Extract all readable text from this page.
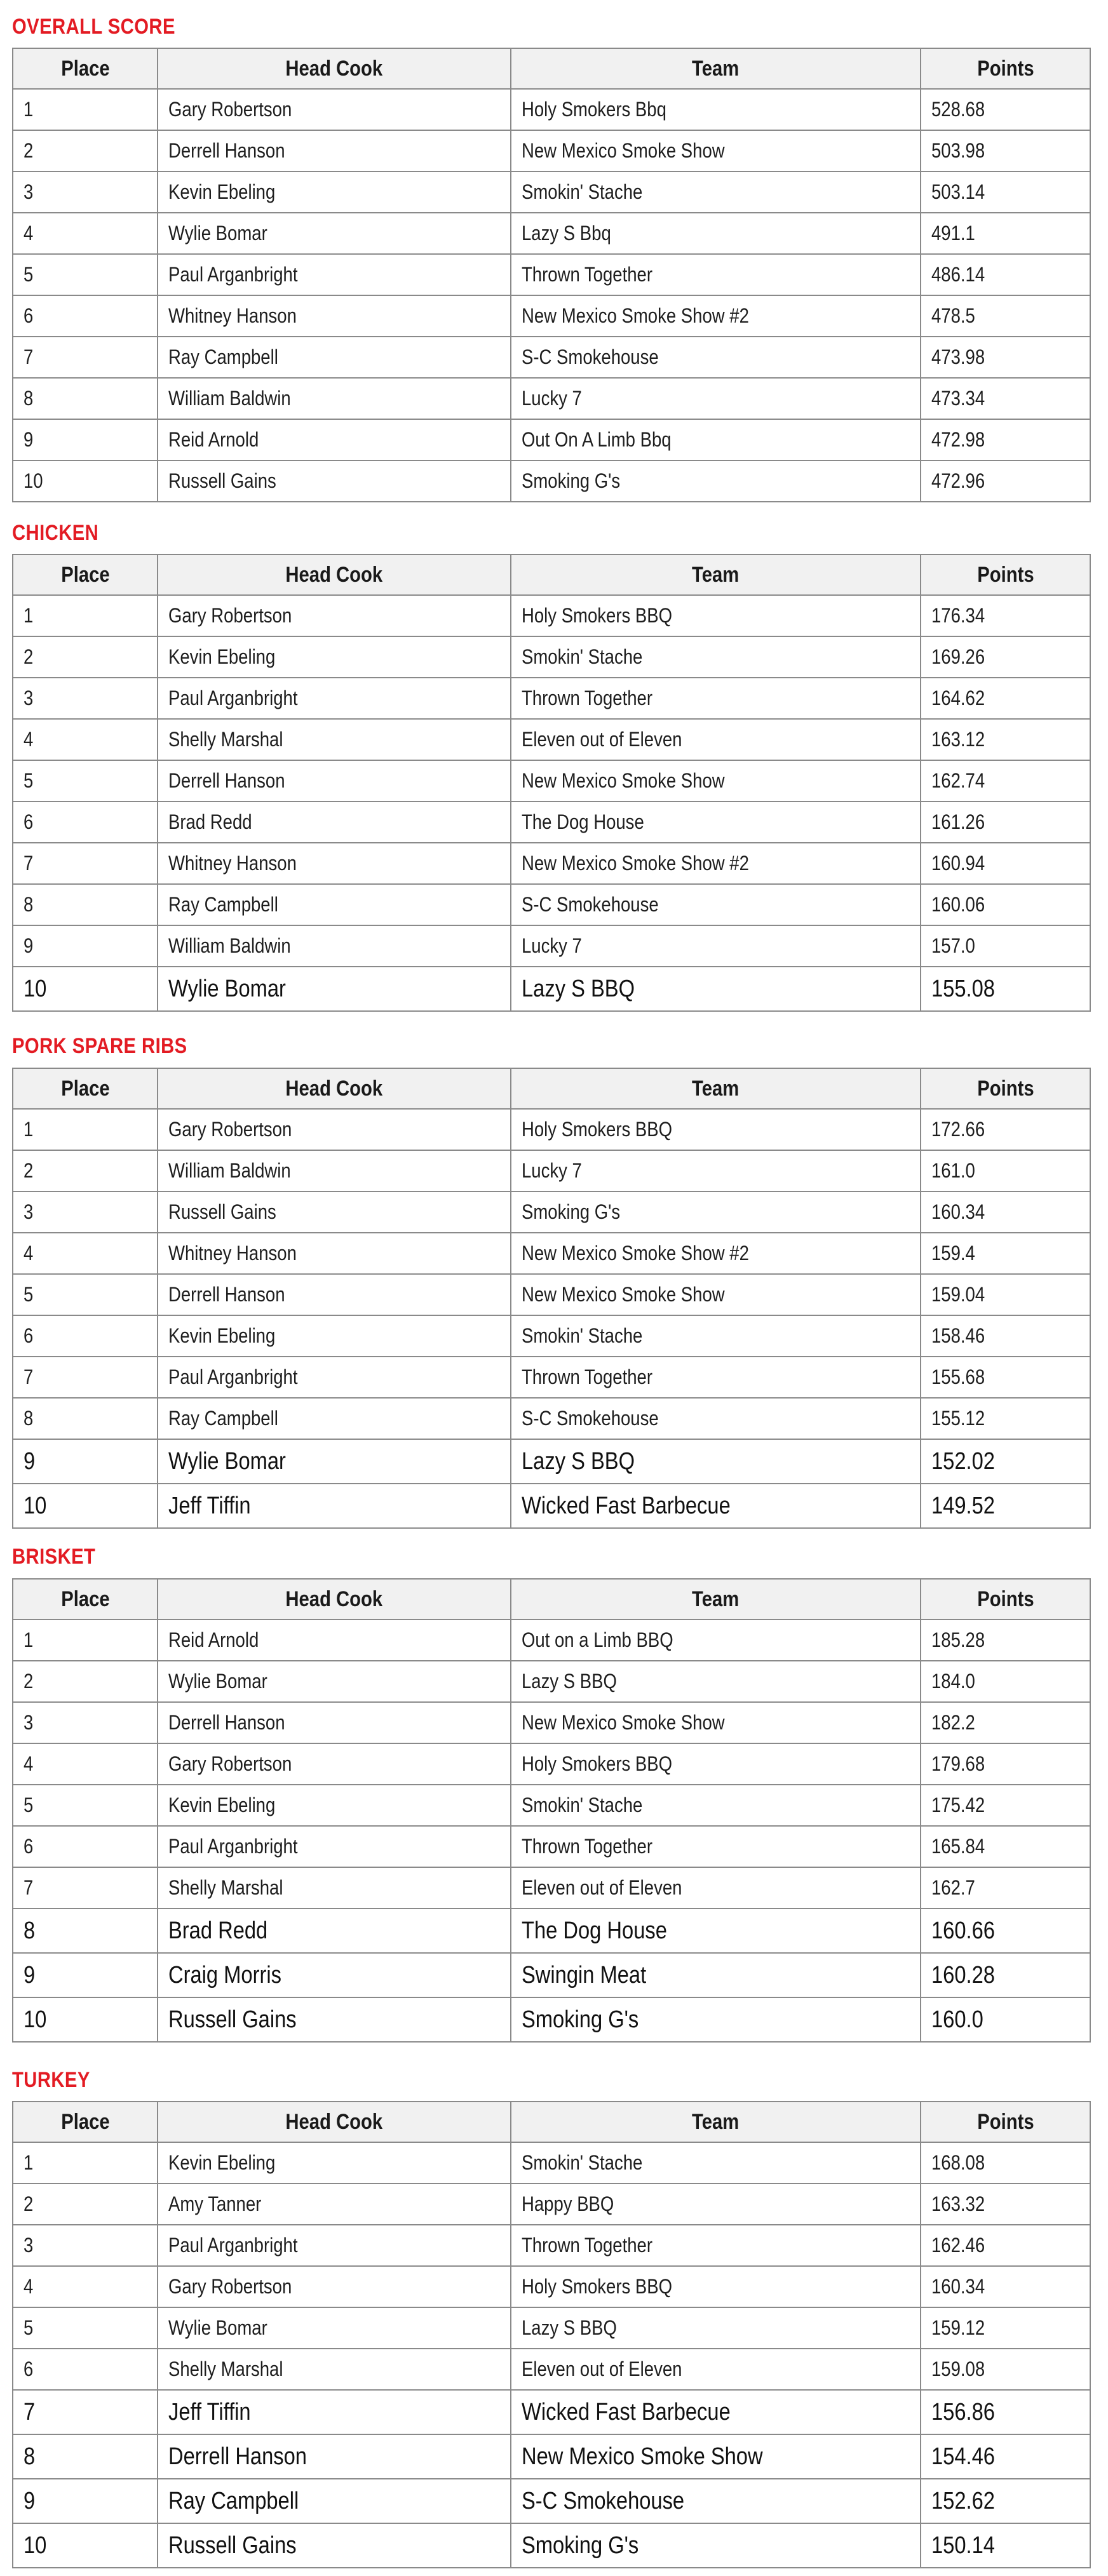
OVERALL SCORE
Place	Head Cook	Team	Points
1	Gary Robertson	Holy Smokers Bbq	528.68
2	Derrell Hanson	New Mexico Smoke Show	503.98
3	Kevin Ebeling	Smokin' Stache	503.14
4	Wylie Bomar	Lazy S Bbq	491.1
5	Paul Arganbright	Thrown Together	486.14
6	Whitney Hanson	New Mexico Smoke Show #2	478.5
7	Ray Campbell	S-C Smokehouse	473.98
8	William Baldwin	Lucky 7	473.34
9	Reid Arnold	Out On A Limb Bbq	472.98
10	Russell Gains	Smoking G's	472.96
CHICKEN
Place	Head Cook	Team	Points
1	Gary Robertson	Holy Smokers BBQ	176.34
2	Kevin Ebeling	Smokin' Stache	169.26
3	Paul Arganbright	Thrown Together	164.62
4	Shelly Marshal	Eleven out of Eleven	163.12
5	Derrell Hanson	New Mexico Smoke Show	162.74
6	Brad Redd	The Dog House	161.26
7	Whitney Hanson	New Mexico Smoke Show #2	160.94
8	Ray Campbell	S-C Smokehouse	160.06
9	William Baldwin	Lucky 7	157.0
10	Wylie Bomar	Lazy S BBQ	155.08
PORK SPARE RIBS
Place	Head Cook	Team	Points
1	Gary Robertson	Holy Smokers BBQ	172.66
2	William Baldwin	Lucky 7	161.0
3	Russell Gains	Smoking G's	160.34
4	Whitney Hanson	New Mexico Smoke Show #2	159.4
5	Derrell Hanson	New Mexico Smoke Show	159.04
6	Kevin Ebeling	Smokin' Stache	158.46
7	Paul Arganbright	Thrown Together	155.68
8	Ray Campbell	S-C Smokehouse	155.12
9	Wylie Bomar	Lazy S BBQ	152.02
10	Jeff Tiffin	Wicked Fast Barbecue	149.52
BRISKET
Place	Head Cook	Team	Points
1	Reid Arnold	Out on a Limb BBQ	185.28
2	Wylie Bomar	Lazy S BBQ	184.0
3	Derrell Hanson	New Mexico Smoke Show	182.2
4	Gary Robertson	Holy Smokers BBQ	179.68
5	Kevin Ebeling	Smokin' Stache	175.42
6	Paul Arganbright	Thrown Together	165.84
7	Shelly Marshal	Eleven out of Eleven	162.7
8	Brad Redd	The Dog House	160.66
9	Craig Morris	Swingin Meat	160.28
10	Russell Gains	Smoking G's	160.0
TURKEY
Place	Head Cook	Team	Points
1	Kevin Ebeling	Smokin' Stache	168.08
2	Amy Tanner	Happy BBQ	163.32
3	Paul Arganbright	Thrown Together	162.46
4	Gary Robertson	Holy Smokers BBQ	160.34
5	Wylie Bomar	Lazy S BBQ	159.12
6	Shelly Marshal	Eleven out of Eleven	159.08
7	Jeff Tiffin	Wicked Fast Barbecue	156.86
8	Derrell Hanson	New Mexico Smoke Show	154.46
9	Ray Campbell	S-C Smokehouse	152.62
10	Russell Gains	Smoking G's	150.14
